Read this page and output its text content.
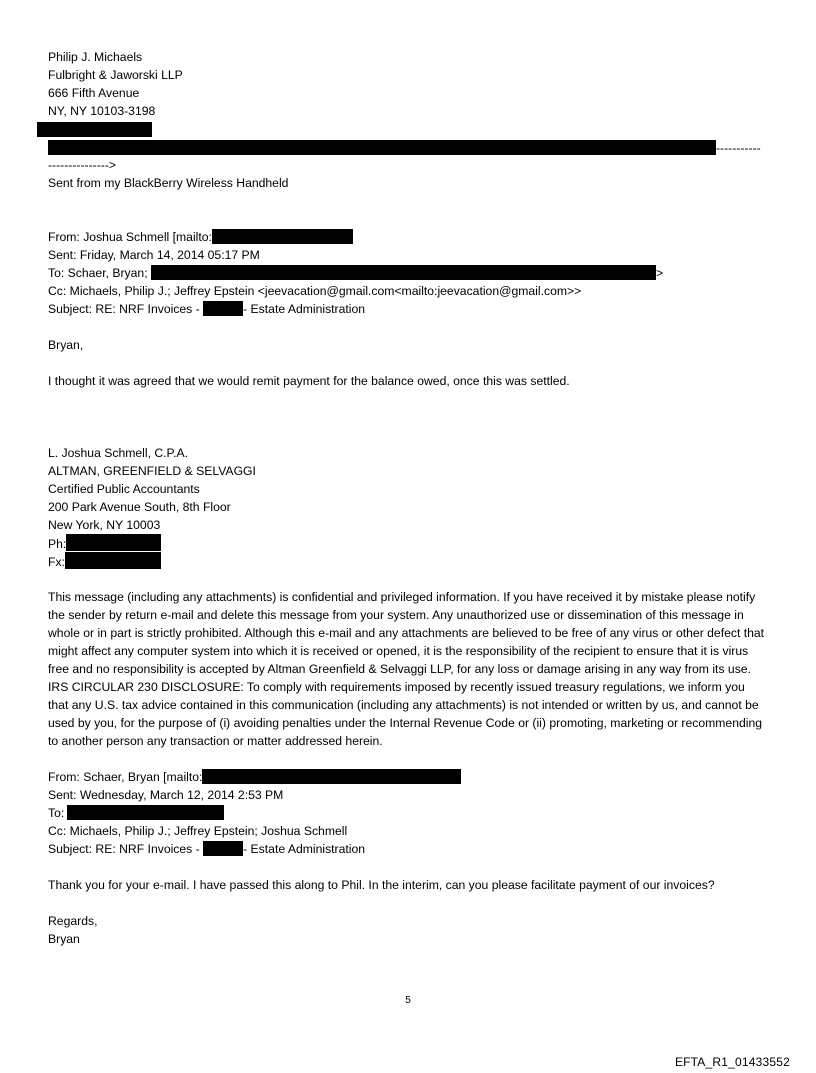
Philip J. Michaels
Fulbright & Jaworski LLP
666 Fifth Avenue
NY, NY 10103-3198
-----------
--------------->
Sent from my BlackBerry Wireless Handheld
From: Joshua Schmell [mailto:
Sent: Friday, March 14, 2014 05:17 PM
To: Schaer, Bryan;	>
Cc: Michaels, Philip J.; Jeffrey Epstein <jeevacation@gmail.com<mailto:jeevacation@gmail.com>>
Subject: RE: NRF Invoices -	- Estate Administration
Bryan,
I thought it was agreed that we would remit payment for the balance owed, once this was settled.
L. Joshua Schmell, C.P.A.
ALTMAN, GREENFIELD & SELVAGGI
Certified Public Accountants
200 Park Avenue South, 8th Floor
New York, NY 10003
Ph:
Fx:
This message (including any attachments) is confidential and privileged information. If you have received it by mistake please notify the sender by return e-mail and delete this message from your system. Any unauthorized use or dissemination of this message in whole or in part is strictly prohibited. Although this e-mail and any attachments are believed to be free of any virus or other defect that might affect any computer system into which it is received or opened, it is the responsibility of the recipient to ensure that it is virus free and no responsibility is accepted by Altman Greenfield & Selvaggi LLP, for any loss or damage arising in any way from its use.
IRS CIRCULAR 230 DISCLOSURE: To comply with requirements imposed by recently issued treasury regulations, we inform you that any U.S. tax advice contained in this communication (including any attachments) is not intended or written by us, and cannot be used by you, for the purpose of (i) avoiding penalties under the Internal Revenue Code or (ii) promoting, marketing or recommending to another person any transaction or matter addressed herein.
From: Schaer, Bryan [mailto:
Sent: Wednesday, March 12, 2014 2:53 PM
To:
Cc: Michaels, Philip J.; Jeffrey Epstein; Joshua Schmell
Subject: RE: NRF Invoices -	- Estate Administration
Thank you for your e-mail. I have passed this along to Phil. In the interim, can you please facilitate payment of our invoices?
Regards,
Bryan
5
EFTA_R1_01433552
